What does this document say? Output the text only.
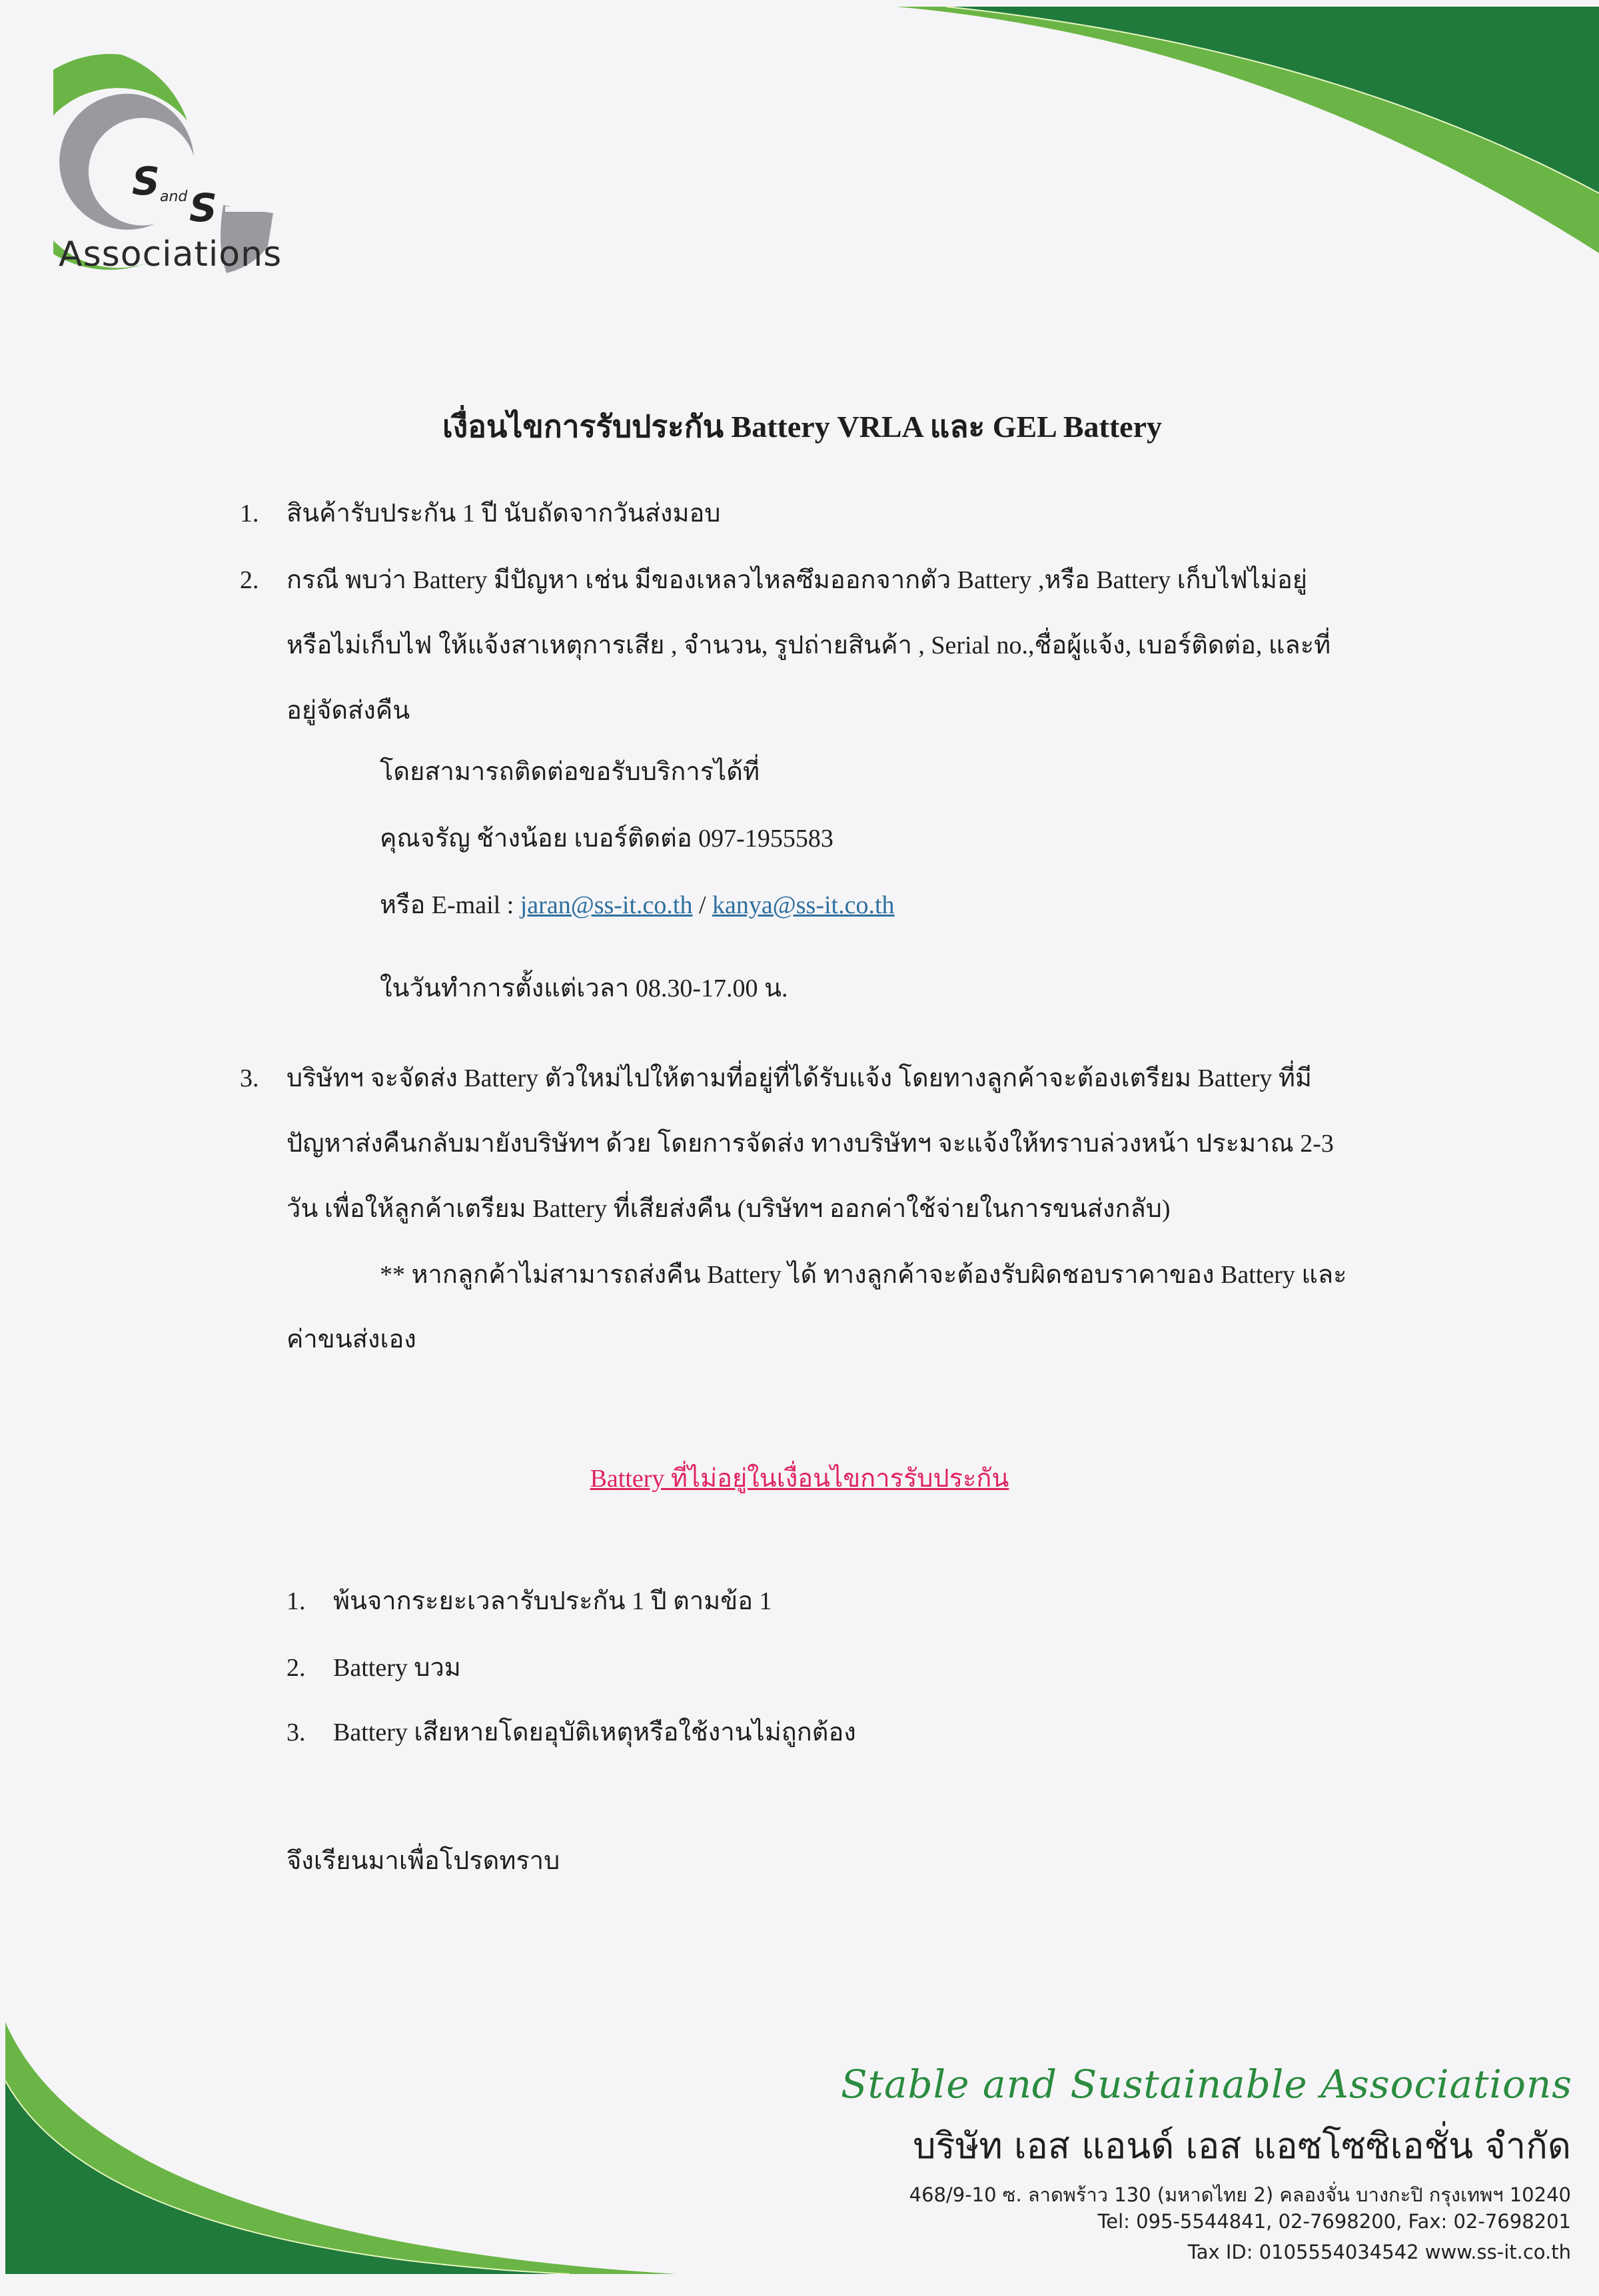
S and S
Associations
เงื่อนไขการรับประกัน Battery VRLA และ GEL Battery
1. สินค้ารับประกัน 1 ปี นับถัดจากวันส่งมอบ
2. กรณี พบว่า Battery มีปัญหา เช่น มีของเหลวไหลซึมออกจากตัว Battery ,หรือ Battery เก็บไฟไม่อยู่
หรือไม่เก็บไฟ ให้แจ้งสาเหตุการเสีย , จำนวน, รูปถ่ายสินค้า , Serial no.,ชื่อผู้แจ้ง, เบอร์ติดต่อ, และที่
อยู่จัดส่งคืน
โดยสามารถติดต่อขอรับบริการได้ที่
คุณจรัญ ช้างน้อย เบอร์ติดต่อ 097-1955583
หรือ E-mail : jaran@ss-it.co.th / kanya@ss-it.co.th
ในวันทำการตั้งแต่เวลา 08.30-17.00 น.
3. บริษัทฯ จะจัดส่ง Battery ตัวใหม่ไปให้ตามที่อยู่ที่ได้รับแจ้ง โดยทางลูกค้าจะต้องเตรียม Battery ที่มี
ปัญหาส่งคืนกลับมายังบริษัทฯ ด้วย โดยการจัดส่ง ทางบริษัทฯ จะแจ้งให้ทราบล่วงหน้า ประมาณ 2-3
วัน เพื่อให้ลูกค้าเตรียม Battery ที่เสียส่งคืน (บริษัทฯ ออกค่าใช้จ่ายในการขนส่งกลับ)
** หากลูกค้าไม่สามารถส่งคืน Battery ได้ ทางลูกค้าจะต้องรับผิดชอบราคาของ Battery และ
ค่าขนส่งเอง
Battery ที่ไม่อยู่ในเงื่อนไขการรับประกัน
1. พ้นจากระยะเวลารับประกัน 1 ปี ตามข้อ 1
2. Battery บวม
3. Battery เสียหายโดยอุบัติเหตุหรือใช้งานไม่ถูกต้อง
จึงเรียนมาเพื่อโปรดทราบ
Stable and Sustainable Associations
บริษัท เอส แอนด์ เอส แอซโซซิเอชั่น จำกัด
468/9-10 ซ. ลาดพร้าว 130 (มหาดไทย 2) คลองจั่น บางกะปิ กรุงเทพฯ 10240
Tel: 095-5544841, 02-7698200, Fax: 02-7698201
Tax ID: 0105554034542 www.ss-it.co.th
